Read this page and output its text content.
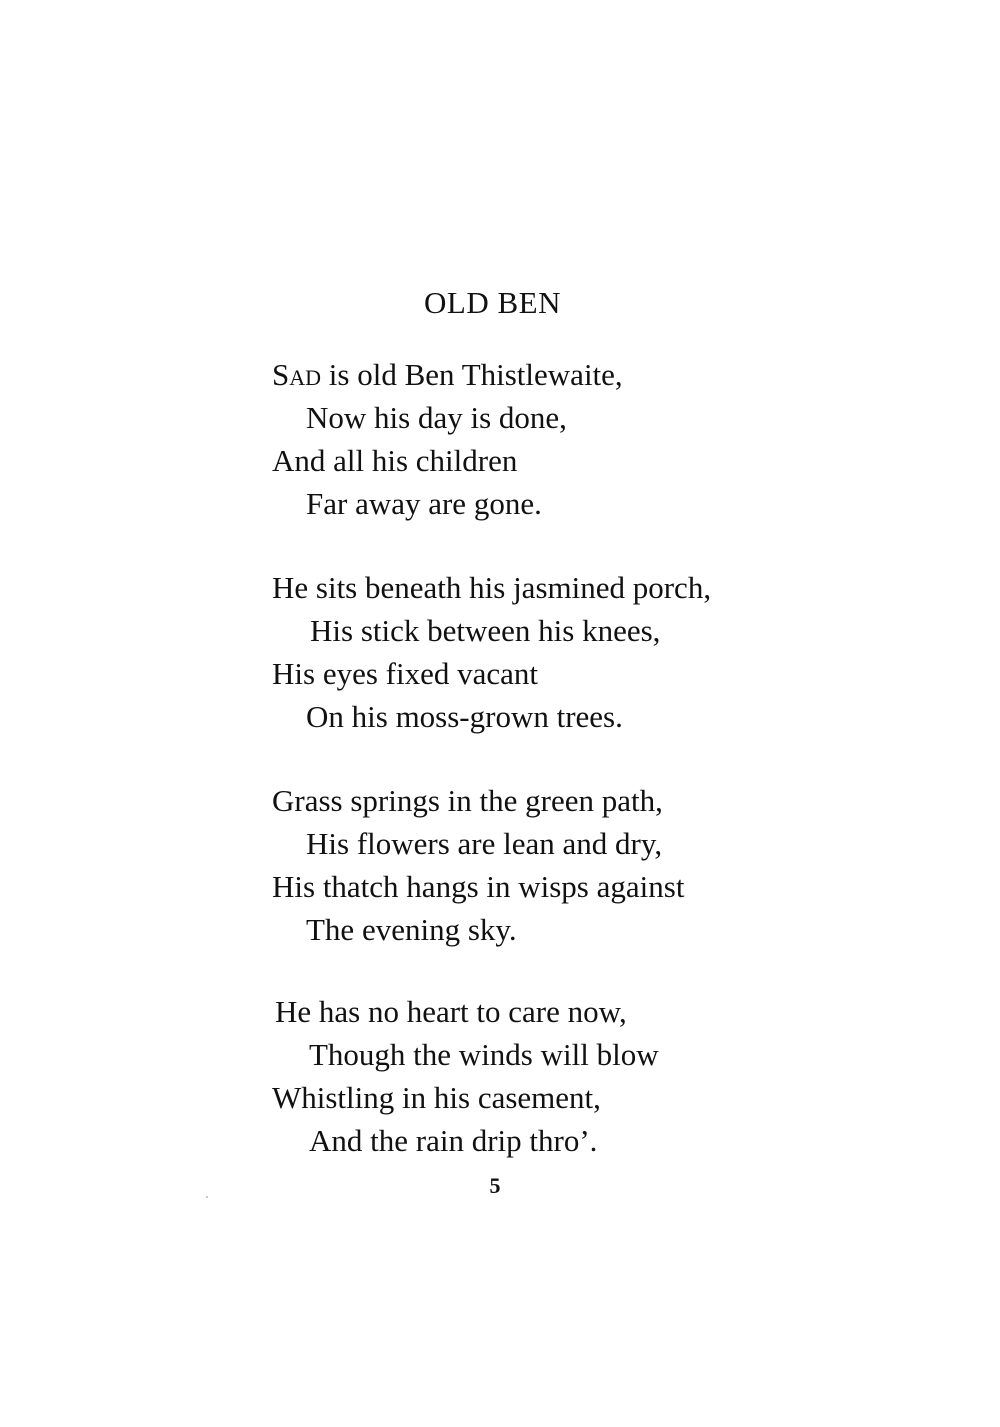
OLD BEN
Sad is old Ben Thistlewaite,
Now his day is done,
And all his children
Far away are gone.
He sits beneath his jasmined porch,
His stick between his knees,
His eyes fixed vacant
On his moss-grown trees.
Grass springs in the green path,
His flowers are lean and dry,
His thatch hangs in wisps against
The evening sky.
He has no heart to care now,
Though the winds will blow
Whistling in his casement,
And the rain drip thro’.
5
